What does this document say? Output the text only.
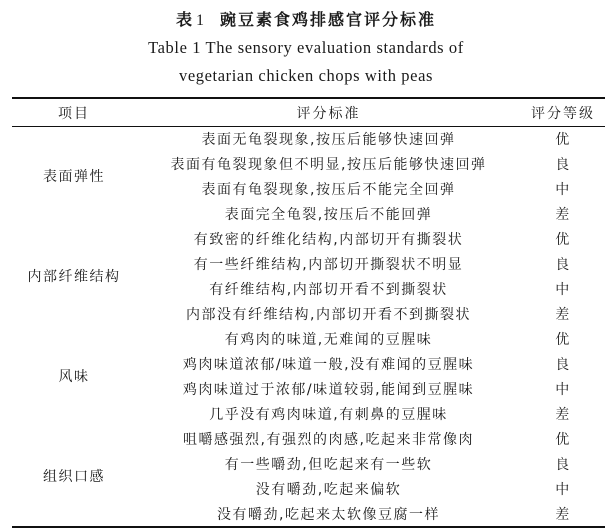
表 1 豌豆素食鸡排感官评分标准
Table 1 The sensory evaluation standards of
vegetarian chicken chops with peas
项目	评分标准	评分等级
表面弹性	表面无龟裂现象,按压后能够快速回弹	优
	表面有龟裂现象但不明显,按压后能够快速回弹	良
	表面有龟裂现象,按压后不能完全回弹	中
	表面完全龟裂,按压后不能回弹	差
内部纤维结构	有致密的纤维化结构,内部切开有撕裂状	优
	有一些纤维结构,内部切开撕裂状不明显	良
	有纤维结构,内部切开看不到撕裂状	中
	内部没有纤维结构,内部切开看不到撕裂状	差
风味	有鸡肉的味道,无难闻的豆腥味	优
	鸡肉味道浓郁/味道一般,没有难闻的豆腥味	良
	鸡肉味道过于浓郁/味道较弱,能闻到豆腥味	中
	几乎没有鸡肉味道,有刺鼻的豆腥味	差
组织口感	咀嚼感强烈,有强烈的肉感,吃起来非常像肉	优
	有一些嚼劲,但吃起来有一些软	良
	没有嚼劲,吃起来偏软	中
	没有嚼劲,吃起来太软像豆腐一样	差
